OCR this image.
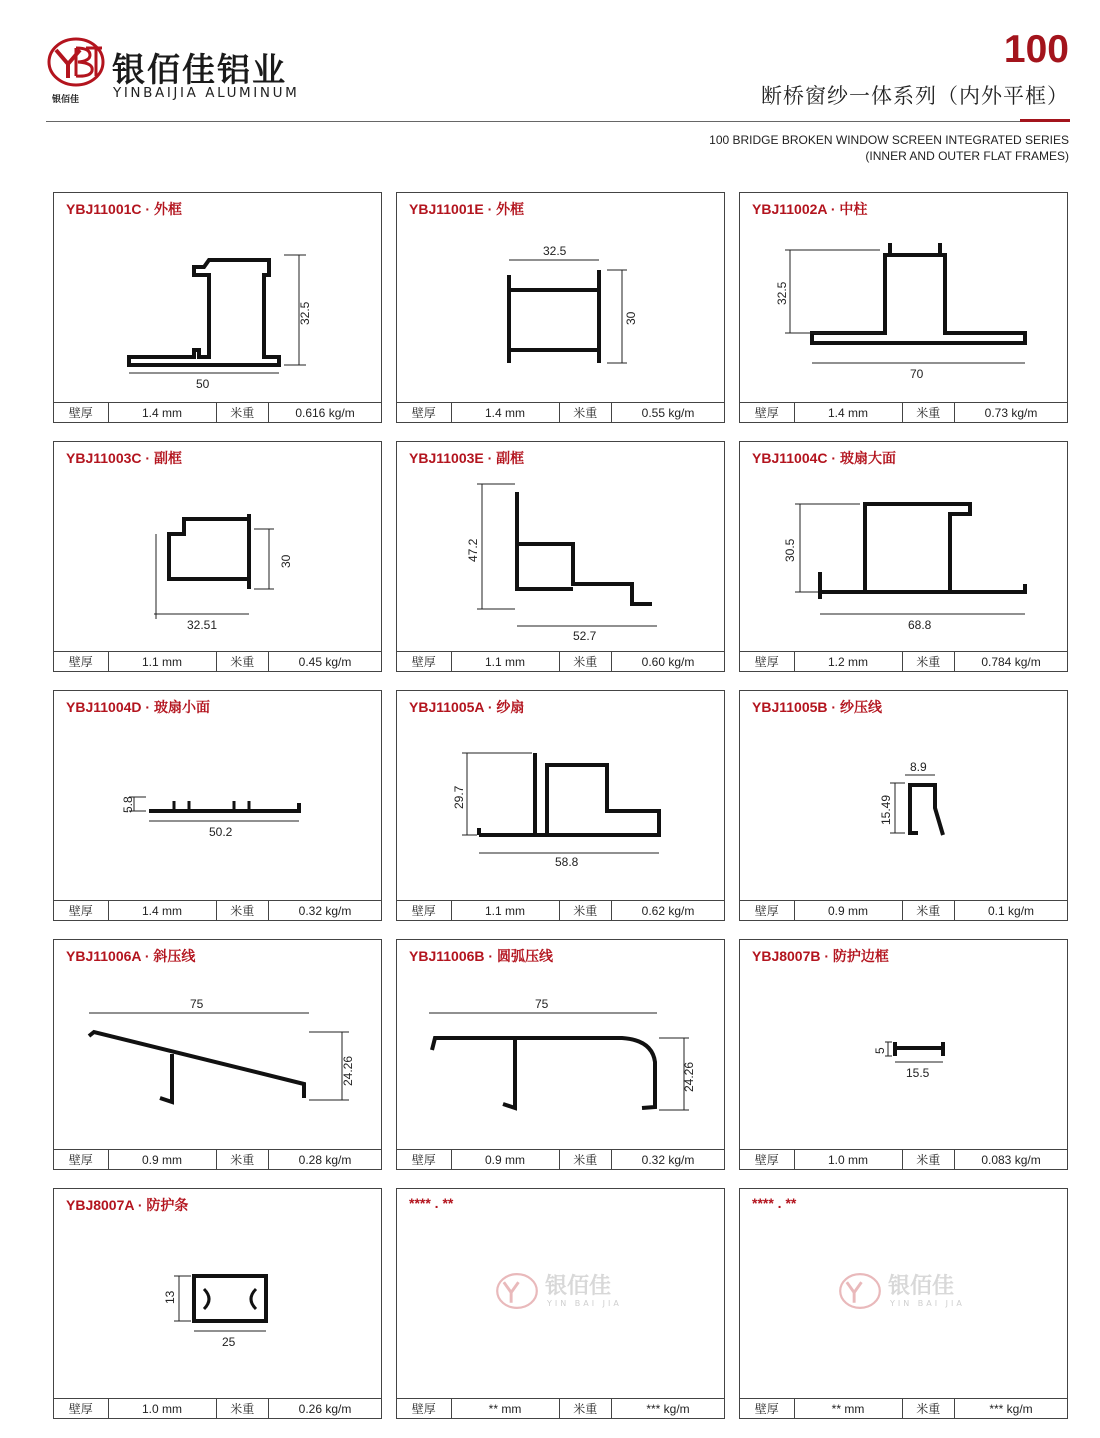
银佰佳
银佰佳铝业
YINBAIJIA ALUMINUM
100
断桥窗纱一体系列（内外平框）
100 BRIDGE BROKEN WINDOW SCREEN INTEGRATED SERIES
(INNER AND OUTER FLAT FRAMES)
YBJ11001C · 外框
50
32.5
壁厚	1.4 mm	米重	0.616 kg/m
YBJ11001E · 外框
32.5
30
壁厚	1.4 mm	米重	0.55 kg/m
YBJ11002A · 中柱
70
32.5
壁厚	1.4 mm	米重	0.73 kg/m
YBJ11003C · 副框
32.51
30
壁厚	1.1 mm	米重	0.45 kg/m
YBJ11003E · 副框
52.7
47.2
壁厚	1.1 mm	米重	0.60 kg/m
YBJ11004C · 玻扇大面
68.8
30.5
壁厚	1.2 mm	米重	0.784 kg/m
YBJ11004D · 玻扇小面
50.2
5.8
壁厚	1.4 mm	米重	0.32 kg/m
YBJ11005A · 纱扇
58.8
29.7
壁厚	1.1 mm	米重	0.62 kg/m
YBJ11005B · 纱压线
8.9
15.49
壁厚	0.9 mm	米重	0.1 kg/m
YBJ11006A · 斜压线
75
24.26
壁厚	0.9 mm	米重	0.28 kg/m
YBJ11006B · 圆弧压线
75
24.26
壁厚	0.9 mm	米重	0.32 kg/m
YBJ8007B · 防护边框
15.5
5
壁厚	1.0 mm	米重	0.083 kg/m
YBJ8007A · 防护条
25
13
壁厚	1.0 mm	米重	0.26 kg/m
**** . **
银佰佳
YIN BAI JIA
壁厚	** mm	米重	*** kg/m
**** . **
银佰佳
YIN BAI JIA
壁厚	** mm	米重	*** kg/m
